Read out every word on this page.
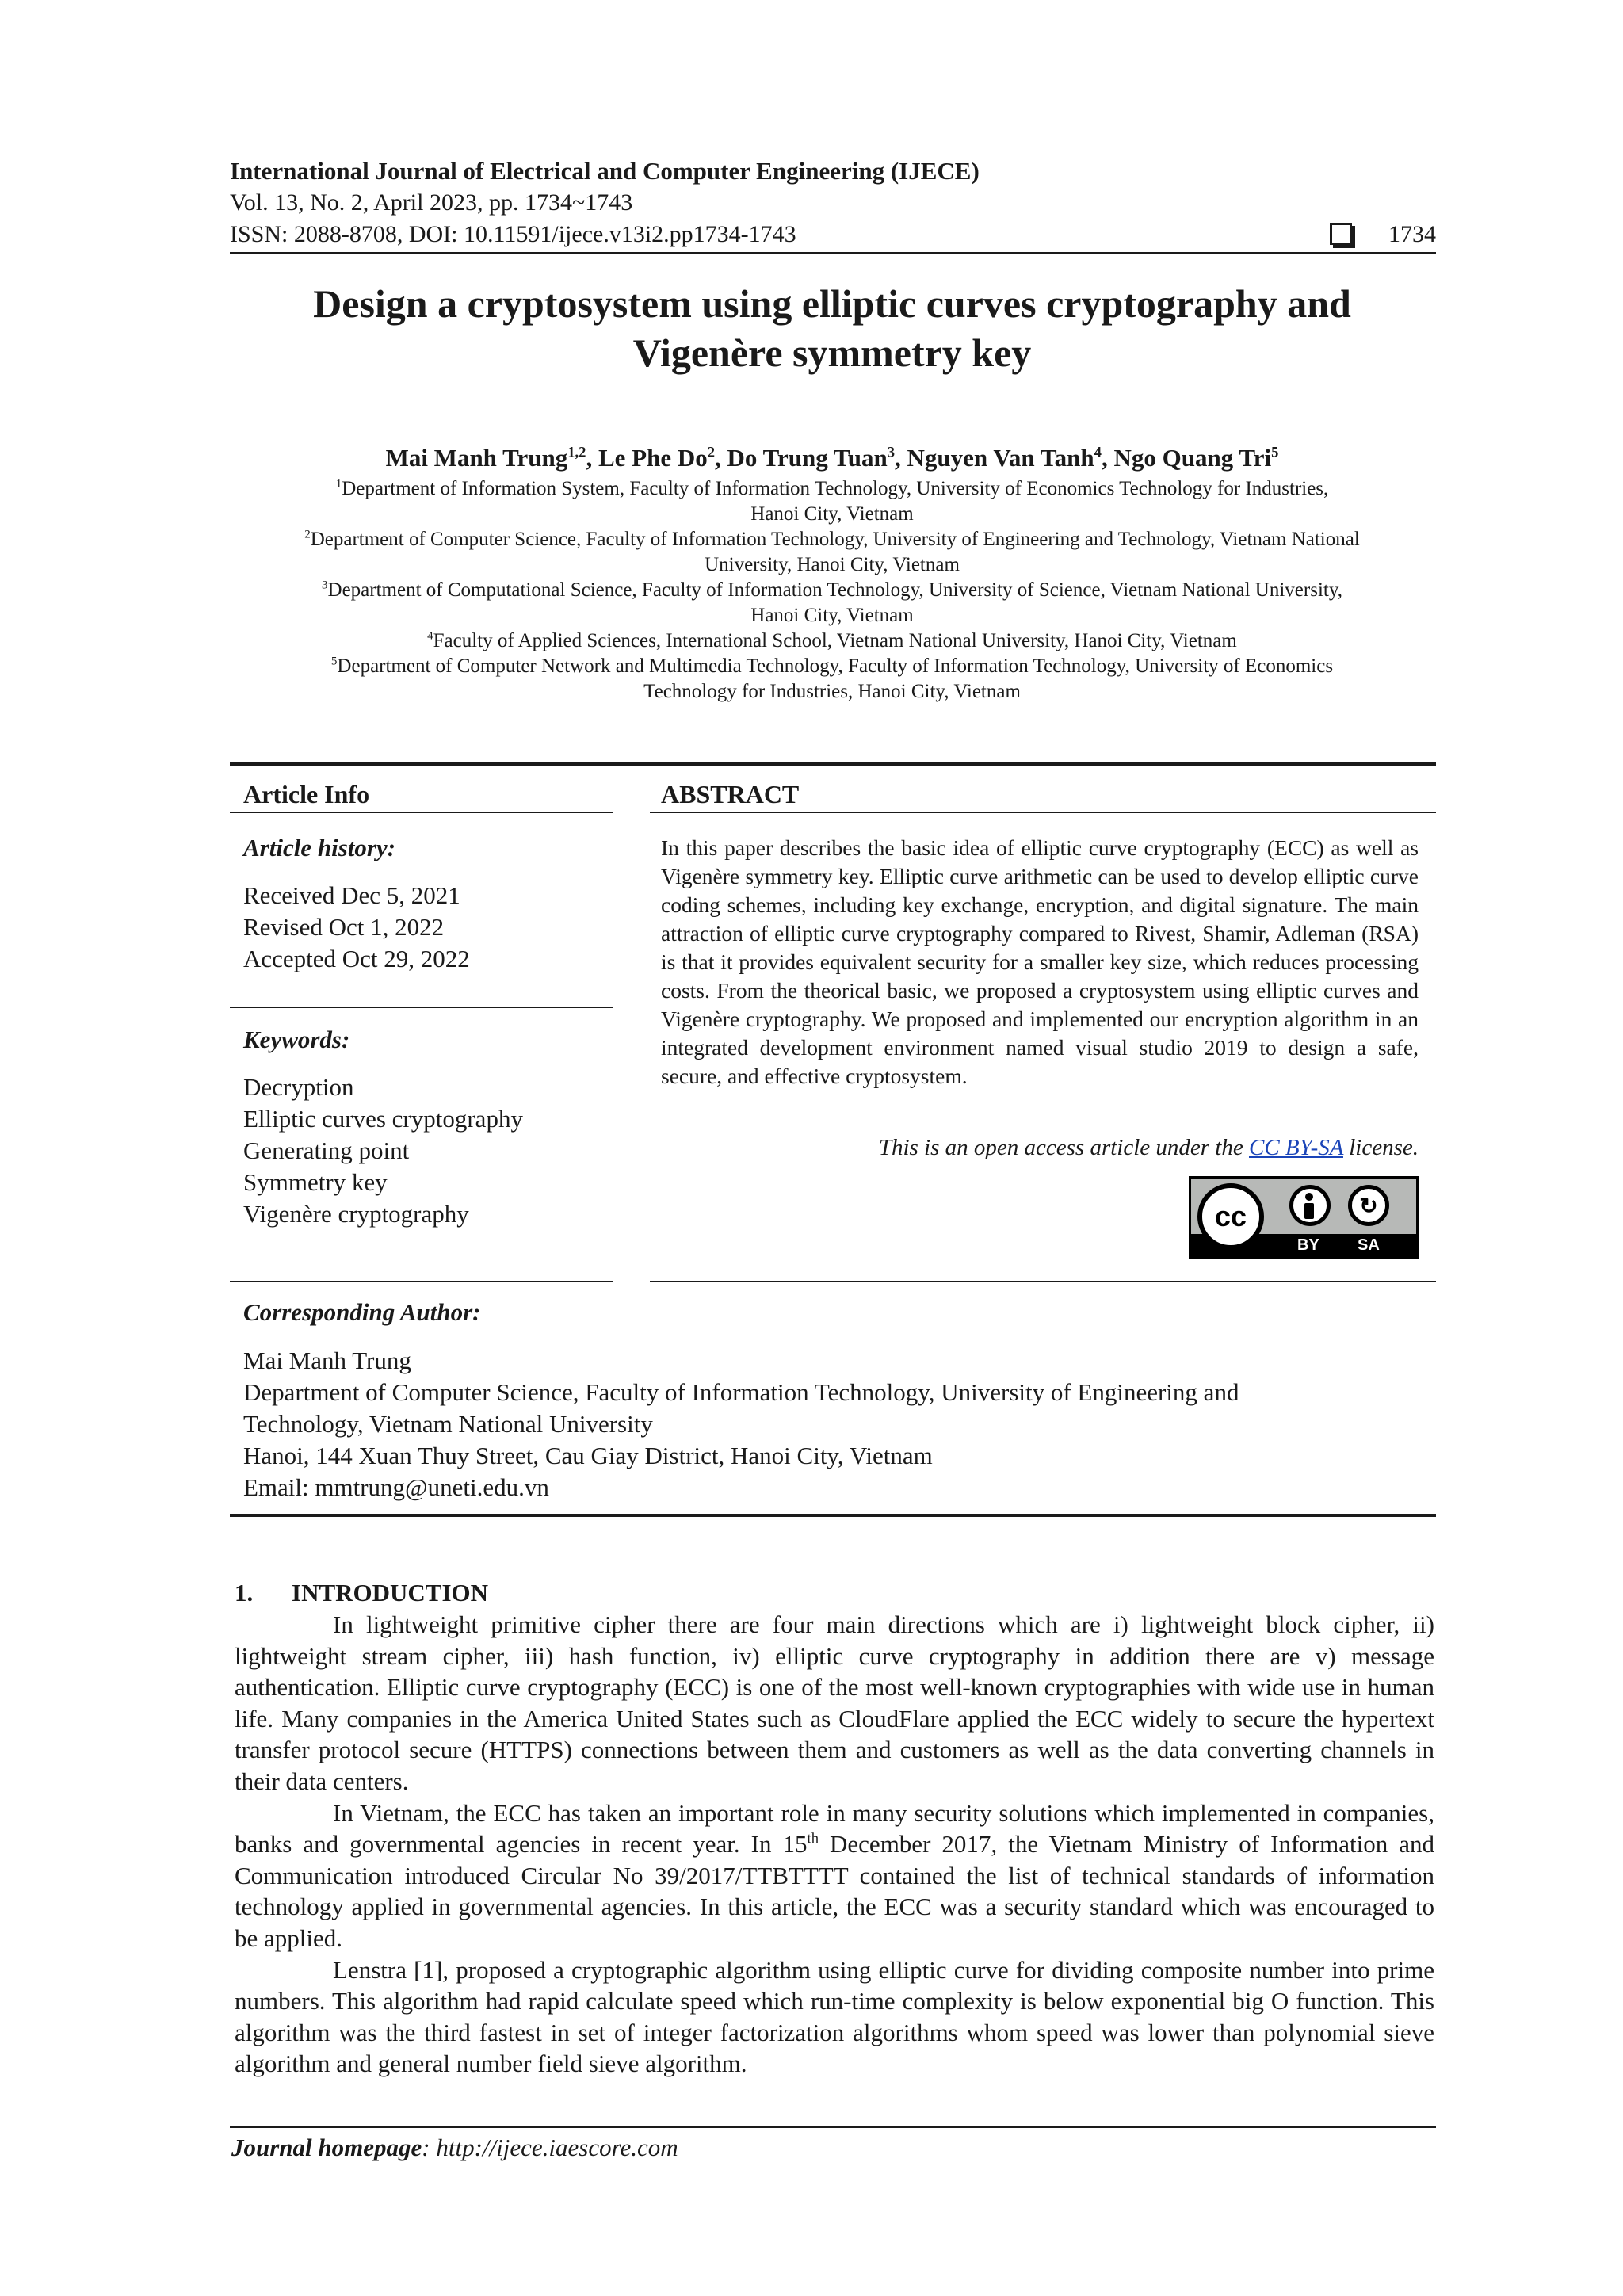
International Journal of Electrical and Computer Engineering (IJECE)
Vol. 13, No. 2, April 2023, pp. 1734~1743
ISSN: 2088-8708, DOI: 10.11591/ijece.v13i2.pp1734-1743	1734
Design a cryptosystem using elliptic curves cryptography and
Vigenère symmetry key
Mai Manh Trung$^{1,2}$, Le Phe Do$^2$, Do Trung Tuan$^3$, Nguyen Van Tanh$^4$, Ngo Quang Tri$^5$
$^1$Department of Information System, Faculty of Information Technology, University of Economics Technology for Industries,
Hanoi City, Vietnam
$^2$Department of Computer Science, Faculty of Information Technology, University of Engineering and Technology, Vietnam National
University, Hanoi City, Vietnam
$^3$Department of Computational Science, Faculty of Information Technology, University of Science, Vietnam National University,
Hanoi City, Vietnam
$^4$Faculty of Applied Sciences, International School, Vietnam National University, Hanoi City, Vietnam
$^5$Department of Computer Network and Multimedia Technology, Faculty of Information Technology, University of Economics
Technology for Industries, Hanoi City, Vietnam
Article Info	ABSTRACT
Article history:
Received Dec 5, 2021
Revised Oct 1, 2022
Accepted Oct 29, 2022
Keywords:
Decryption
Elliptic curves cryptography
Generating point
Symmetry key
Vigenère cryptography
In this paper describes the basic idea of elliptic curve cryptography (ECC) as well as Vigenère symmetry key. Elliptic curve arithmetic can be used to develop elliptic curve coding schemes, including key exchange, encryption, and digital signature. The main attraction of elliptic curve cryptography compared to Rivest, Shamir, Adleman (RSA) is that it provides equivalent security for a smaller key size, which reduces processing costs. From the theorical basic, we proposed a cryptosystem using elliptic curves and Vigenère cryptography. We proposed and implemented our encryption algorithm in an integrated development environment named visual studio 2019 to design a safe, secure, and effective cryptosystem.
This is an open access article under the CC BY-SA license.
cc	↻
BY SA
Corresponding Author:
Mai Manh Trung
Department of Computer Science, Faculty of Information Technology, University of Engineering and
Technology, Vietnam National University
Hanoi, 144 Xuan Thuy Street, Cau Giay District, Hanoi City, Vietnam
Email: mmtrung@uneti.edu.vn
1. INTRODUCTION

In lightweight primitive cipher there are four main directions which are i) lightweight block cipher, ii) lightweight stream cipher, iii) hash function, iv) elliptic curve cryptography in addition there are v) message authentication. Elliptic curve cryptography (ECC) is one of the most well-known cryptographies with wide use in human life. Many companies in the America United States such as CloudFlare applied the ECC widely to secure the hypertext transfer protocol secure (HTTPS) connections between them and customers as well as the data converting channels in their data centers.

In Vietnam, the ECC has taken an important role in many security solutions which implemented in companies, banks and governmental agencies in recent year. In 15th December 2017, the Vietnam Ministry of Information and Communication introduced Circular No 39/2017/TTBTTTT contained the list of technical standards of information technology applied in governmental agencies. In this article, the ECC was a security standard which was encouraged to be applied.

Lenstra [1], proposed a cryptographic algorithm using elliptic curve for dividing composite number into prime numbers. This algorithm had rapid calculate speed which run-time complexity is below exponential big O function. This algorithm was the third fastest in set of integer factorization algorithms whom speed was lower than polynomial sieve algorithm and general number field sieve algorithm.

Journal homepage: http://ijece.iaescore.com
